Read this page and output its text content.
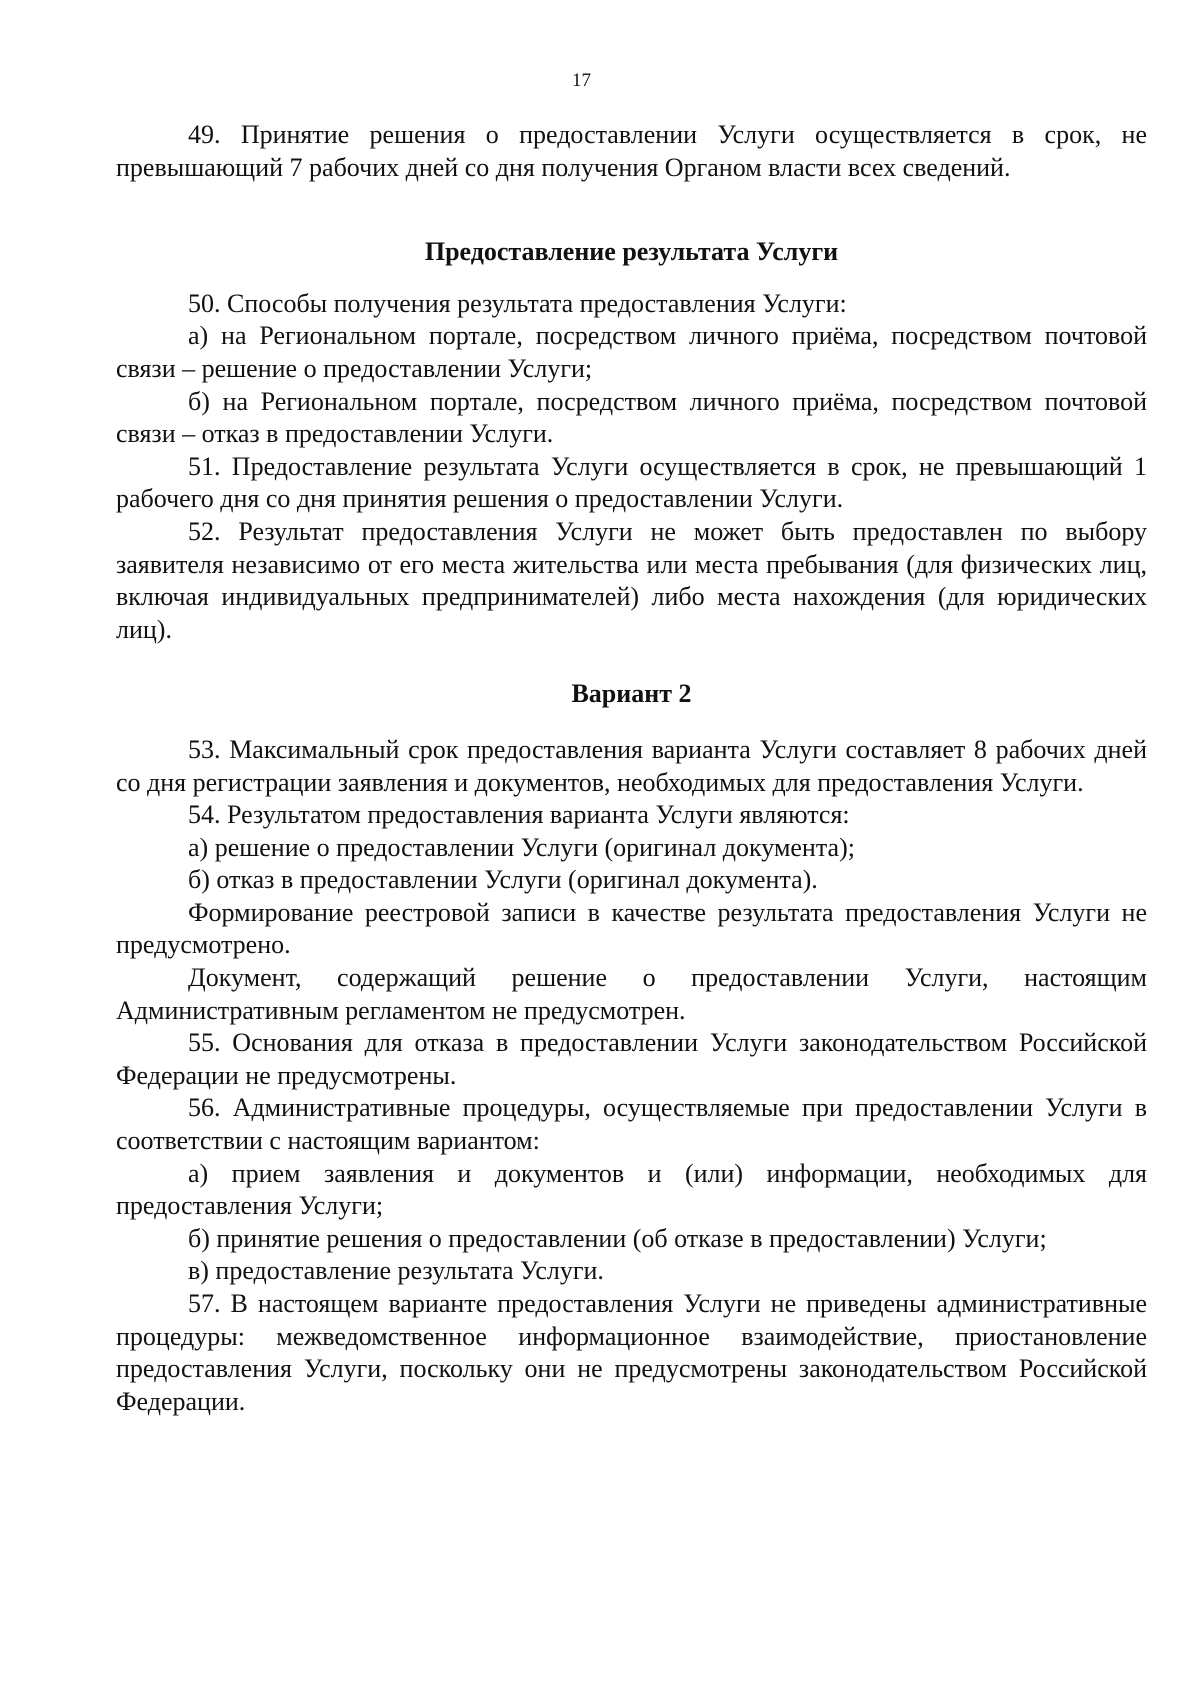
17

49. Принятие решения о предоставлении Услуги осуществляется в срок, не превышающий 7 рабочих дней со дня получения Органом власти всех сведений.

Предоставление результата Услуги

50. Способы получения результата предоставления Услуги:

а) на Региональном портале, посредством личного приёма, посредством почтовой связи – решение о предоставлении Услуги;

б) на Региональном портале, посредством личного приёма, посредством почтовой связи – отказ в предоставлении Услуги.

51. Предоставление результата Услуги осуществляется в срок, не превышающий 1 рабочего дня со дня принятия решения о предоставлении Услуги.

52. Результат предоставления Услуги не может быть предоставлен по выбору заявителя независимо от его места жительства или места пребывания (для физических лиц, включая индивидуальных предпринимателей) либо места нахождения (для юридических лиц).

Вариант 2

53. Максимальный срок предоставления варианта Услуги составляет 8 рабочих дней со дня регистрации заявления и документов, необходимых для предоставления Услуги.

54. Результатом предоставления варианта Услуги являются:

а) решение о предоставлении Услуги (оригинал документа);

б) отказ в предоставлении Услуги (оригинал документа).

Формирование реестровой записи в качестве результата предоставления Услуги не предусмотрено.

Документ, содержащий решение о предоставлении Услуги, настоящим Административным регламентом не предусмотрен.

55. Основания для отказа в предоставлении Услуги законодательством Российской Федерации не предусмотрены.

56. Административные процедуры, осуществляемые при предоставлении Услуги в соответствии с настоящим вариантом:

а) прием заявления и документов и (или) информации, необходимых для предоставления Услуги;

б) принятие решения о предоставлении (об отказе в предоставлении) Услуги;

в) предоставление результата Услуги.

57. В настоящем варианте предоставления Услуги не приведены административные процедуры: межведомственное информационное взаимодействие, приостановление предоставления Услуги, поскольку они не предусмотрены законодательством Российской Федерации.
